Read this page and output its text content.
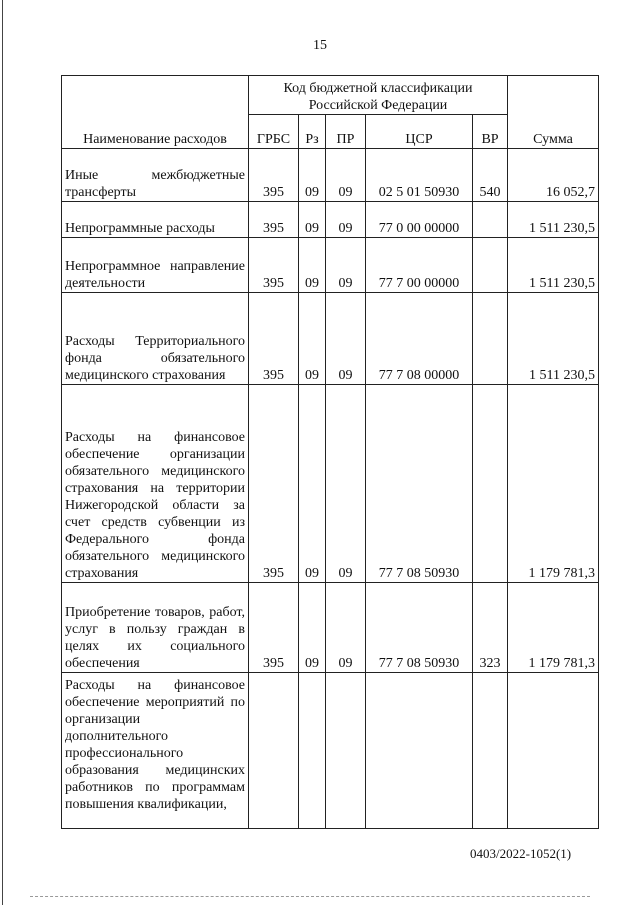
15
Наименование расходов	Код бюджетной классификации Российской Федерации					Сумма
	ГРБС	Рз	ПР	ЦСР	ВР	
Иные межбюджетные трансферты	395	09	09	02 5 01 50930	540	16 052,7
Непрограммные расходы	395	09	09	77 0 00 00000		1 511 230,5
Непрограммное направление деятельности	395	09	09	77 7 00 00000		1 511 230,5
Расходы Территориального фонда обязательного медицинского страхования	395	09	09	77 7 08 00000		1 511 230,5
Расходы на финансовое обеспечение организации обязательного медицинского страхования на территории Нижегородской области за счет средств субвенции из Федерального фонда обязательного медицинского страхования	395	09	09	77 7 08 50930		1 179 781,3
Приобретение товаров, работ, услуг в пользу граждан в целях их социального обеспечения	395	09	09	77 7 08 50930	323	1 179 781,3
Расходы на финансовое обеспечение мероприятий по организации дополнительного профессионального образования медицинских работников по программам повышения квалификации,						
0403/2022-1052(1)
